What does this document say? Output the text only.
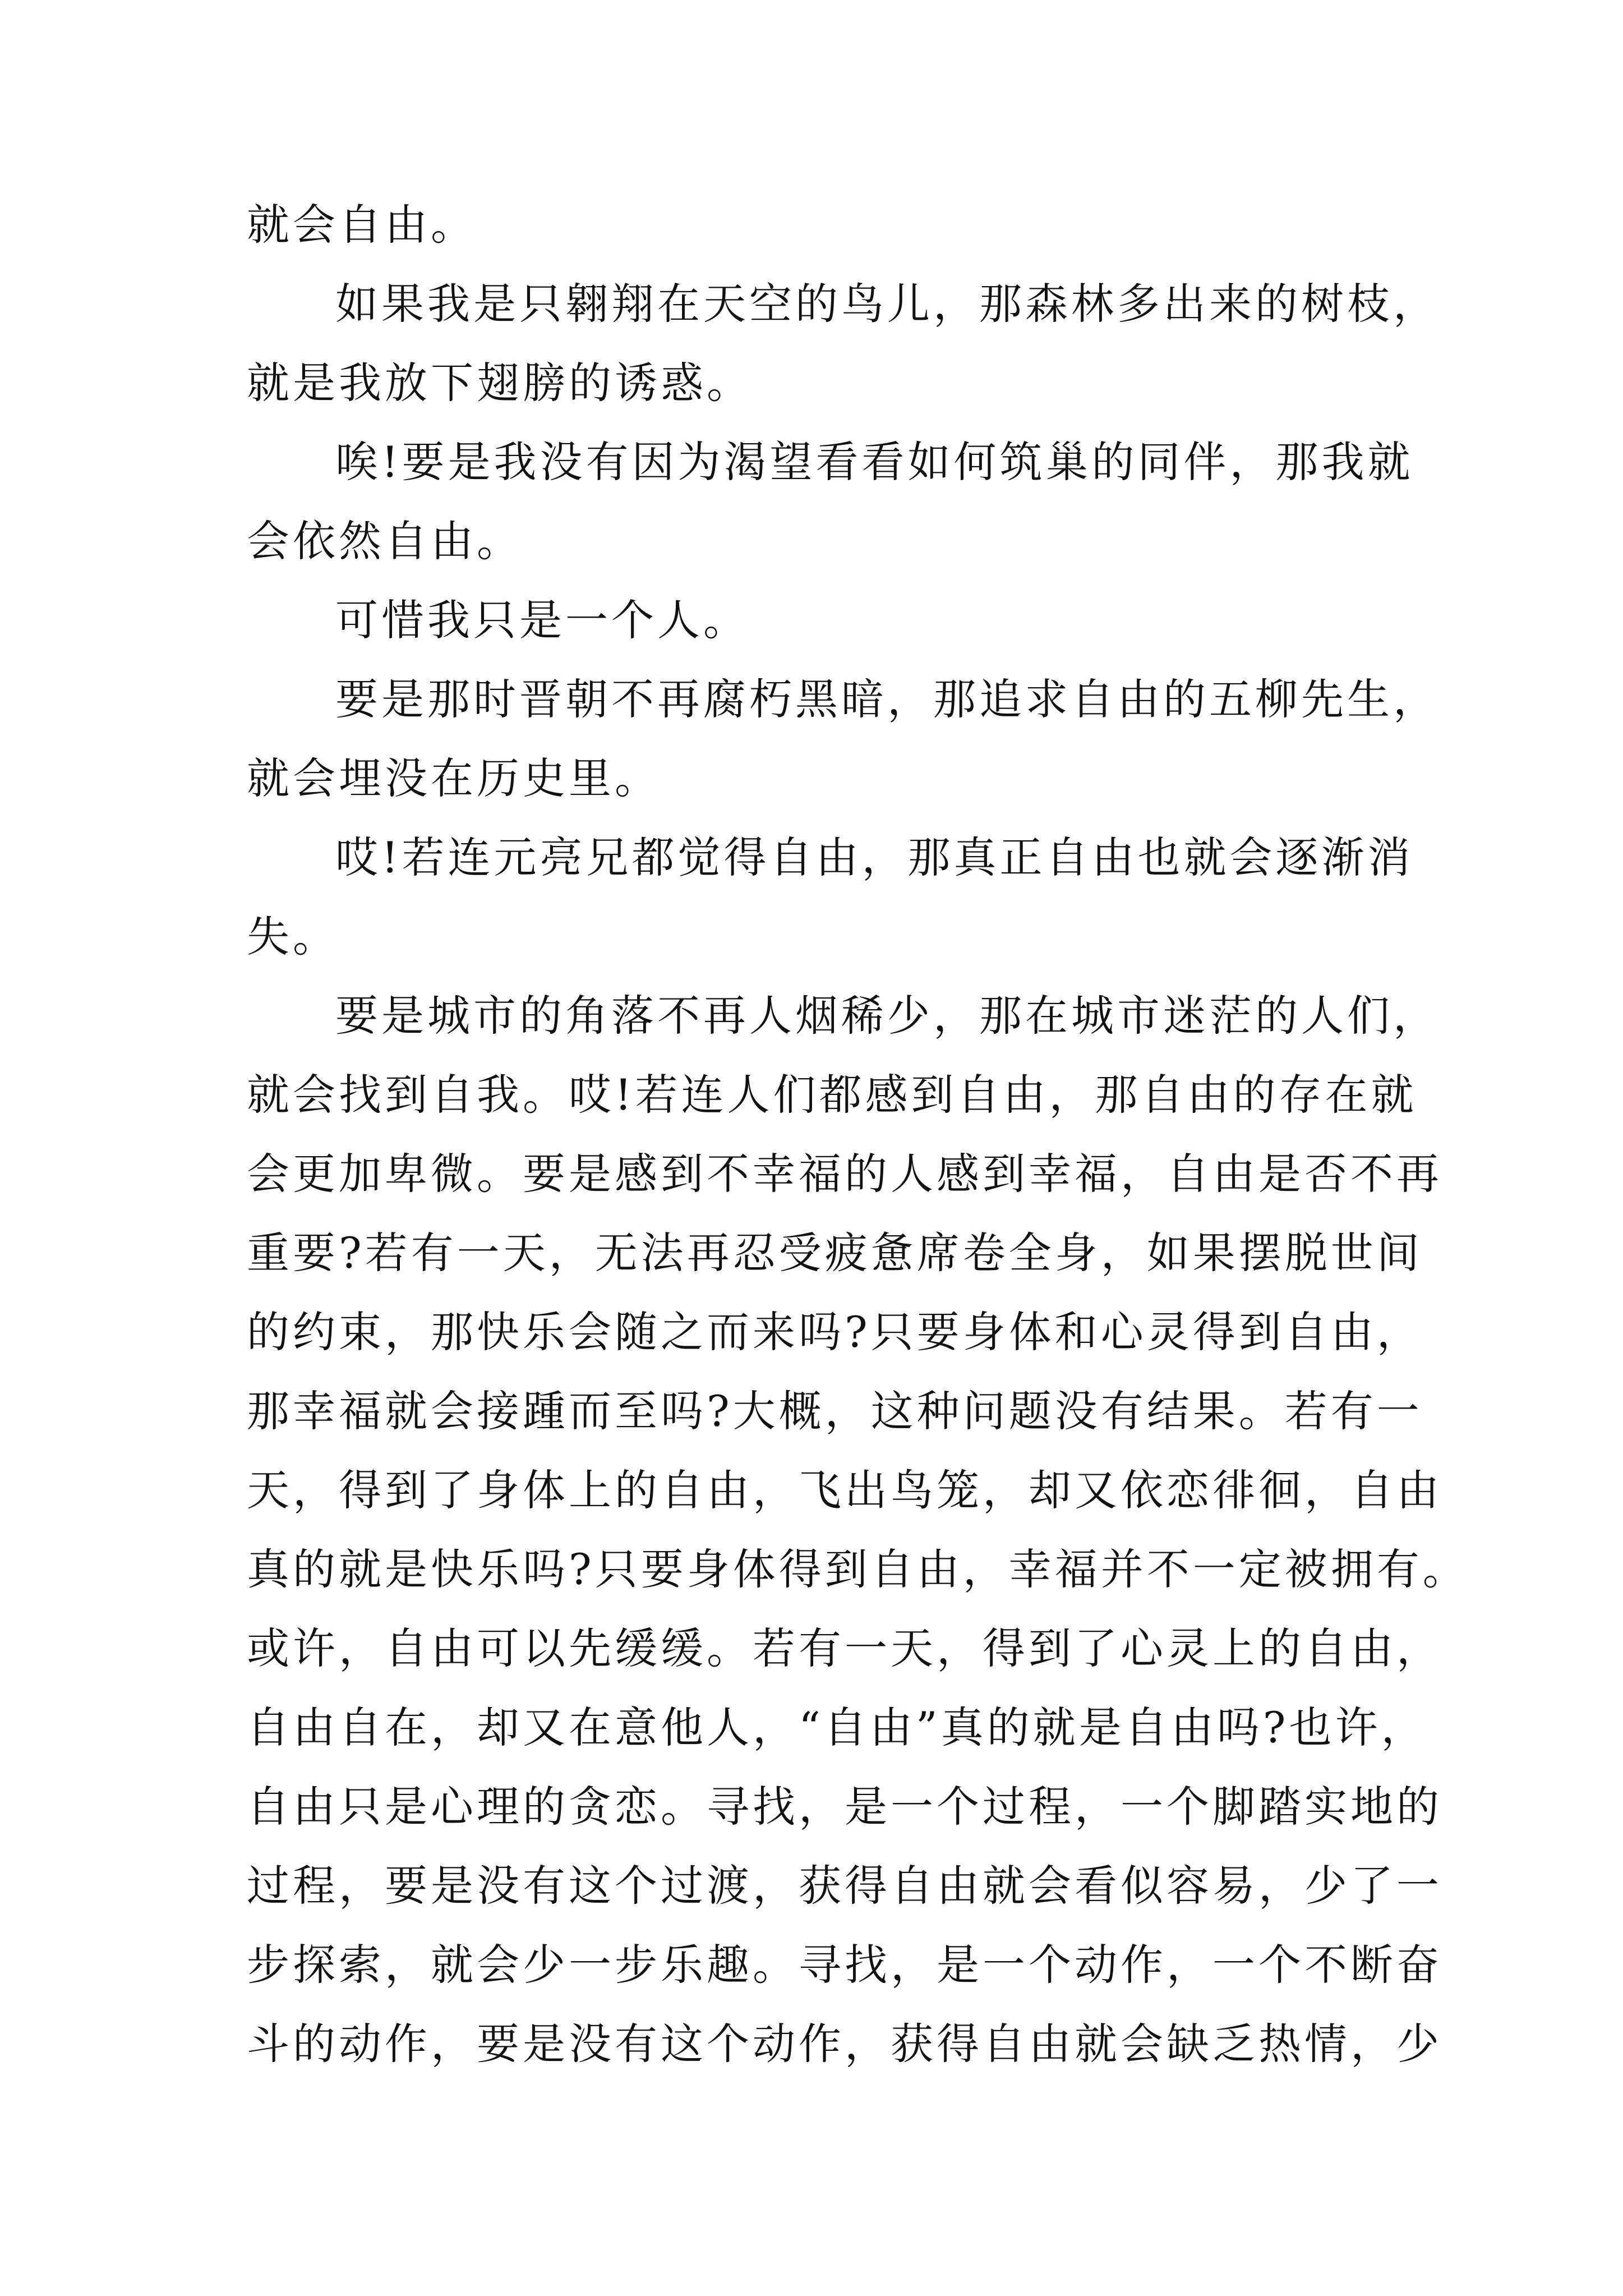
就会自由。
如果我是只翱翔在天空的鸟儿，那森林多出来的树枝，
就是我放下翅膀的诱惑。
唉!要是我没有因为渴望看看如何筑巢的同伴，那我就
会依然自由。
可惜我只是一个人。
要是那时晋朝不再腐朽黑暗，那追求自由的五柳先生，
就会埋没在历史里。
哎!若连元亮兄都觉得自由，那真正自由也就会逐渐消
失。
要是城市的角落不再人烟稀少，那在城市迷茫的人们，
就会找到自我。哎!若连人们都感到自由，那自由的存在就
会更加卑微。要是感到不幸福的人感到幸福，自由是否不再
重要?若有一天，无法再忍受疲惫席卷全身，如果摆脱世间
的约束，那快乐会随之而来吗?只要身体和心灵得到自由，
那幸福就会接踵而至吗?大概，这种问题没有结果。若有一
天，得到了身体上的自由，飞出鸟笼，却又依恋徘徊，自由
真的就是快乐吗?只要身体得到自由，幸福并不一定被拥有。
或许，自由可以先缓缓。若有一天，得到了心灵上的自由，
自由自在，却又在意他人，“自由”真的就是自由吗?也许，
自由只是心理的贪恋。寻找，是一个过程，一个脚踏实地的
过程，要是没有这个过渡，获得自由就会看似容易，少了一
步探索，就会少一步乐趣。寻找，是一个动作，一个不断奋
斗的动作，要是没有这个动作，获得自由就会缺乏热情，少
